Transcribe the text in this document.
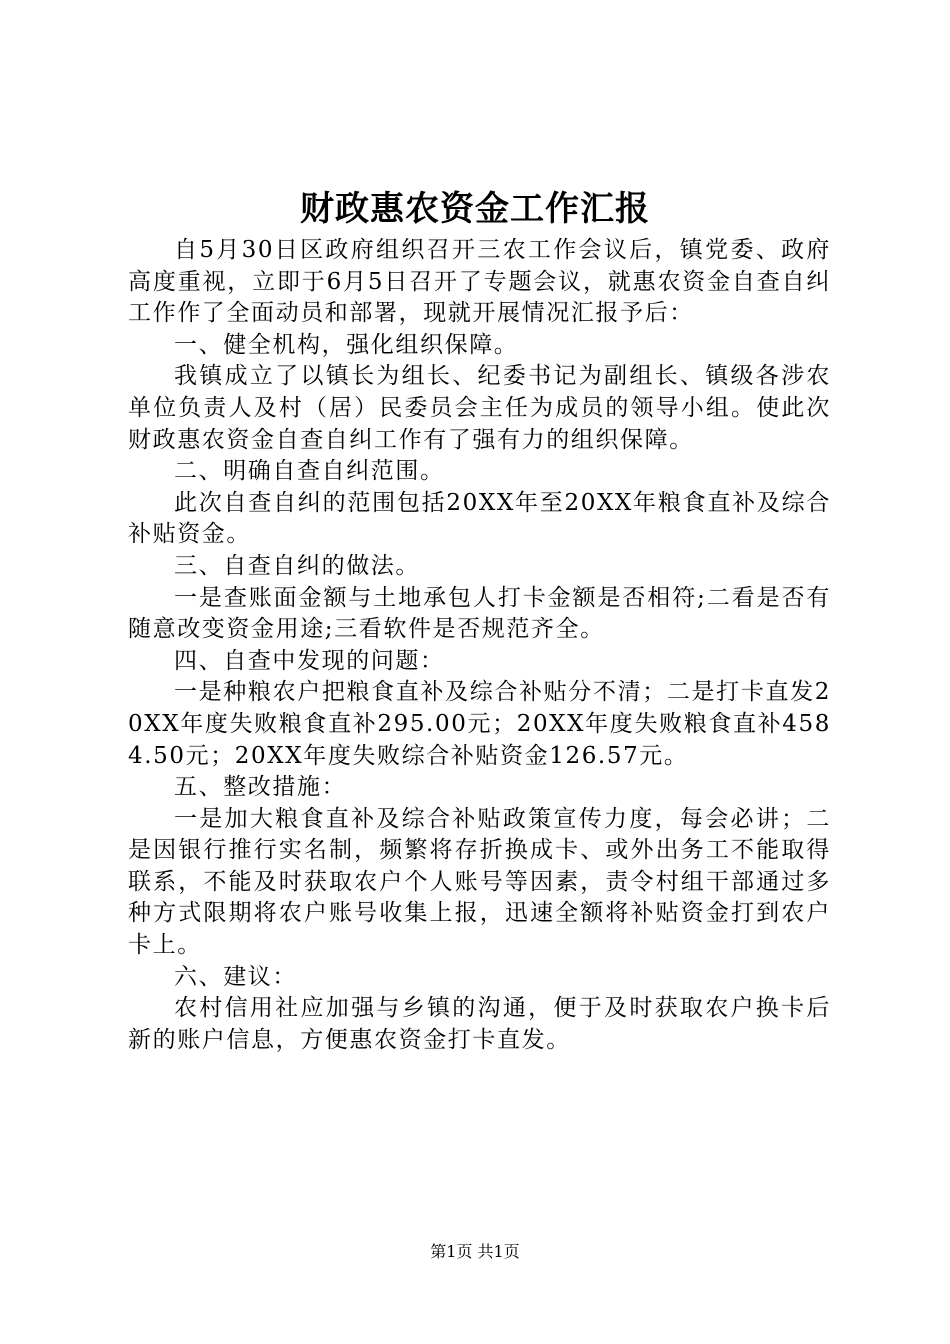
财政惠农资金工作汇报

自5月30日区政府组织召开三农工作会议后，镇党委、政府高度重视，立即于6月5日召开了专题会议，就惠农资金自查自纠工作作了全面动员和部署，现就开展情况汇报予后：

一、健全机构，强化组织保障。

我镇成立了以镇长为组长、纪委书记为副组长、镇级各涉农单位负责人及村（居）民委员会主任为成员的领导小组。使此次财政惠农资金自查自纠工作有了强有力的组织保障。

二、明确自查自纠范围。

此次自查自纠的范围包括20XX年至20XX年粮食直补及综合补贴资金。

三、自查自纠的做法。

一是查账面金额与土地承包人打卡金额是否相符;二看是否有随意改变资金用途;三看软件是否规范齐全。

四、自查中发现的问题：

一是种粮农户把粮食直补及综合补贴分不清；二是打卡直发20XX年度失败粮食直补295.00元；20XX年度失败粮食直补4584.50元；20XX年度失败综合补贴资金126.57元。

五、整改措施：

一是加大粮食直补及综合补贴政策宣传力度，每会必讲；二是因银行推行实名制，频繁将存折换成卡、或外出务工不能取得联系，不能及时获取农户个人账号等因素，责令村组干部通过多种方式限期将农户账号收集上报，迅速全额将补贴资金打到农户卡上。

六、建议：

农村信用社应加强与乡镇的沟通，便于及时获取农户换卡后新的账户信息，方便惠农资金打卡直发。

第1页 共1页
